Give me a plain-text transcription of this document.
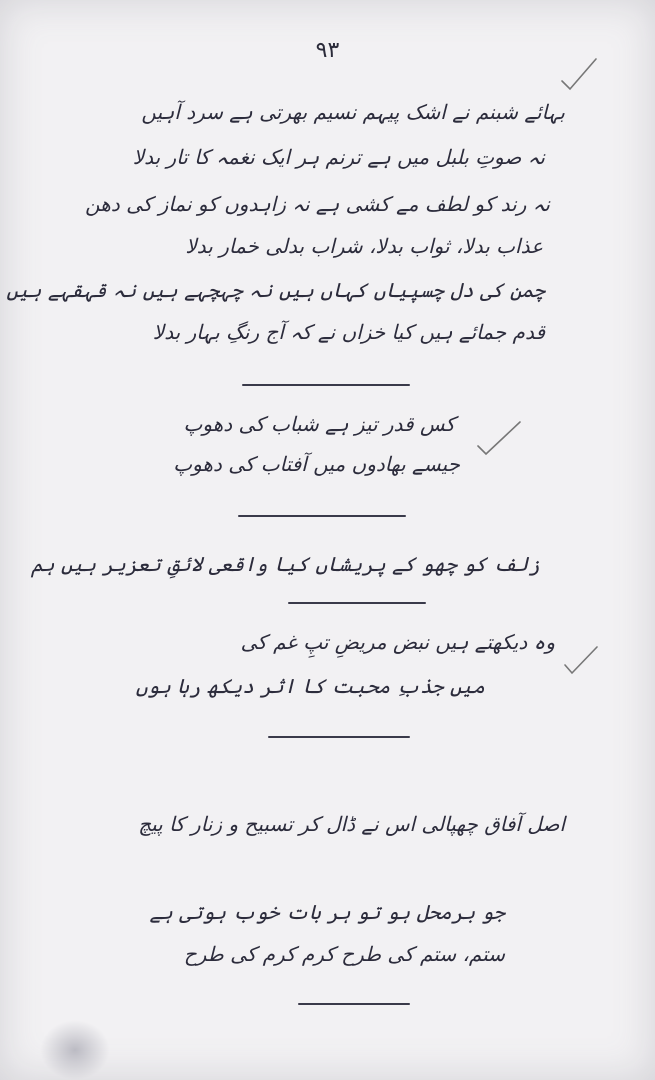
۹۳
بہائے شبنم نے اشک پیہم نسیم بھرتی ہے سرد آہیں
نہ صوتِ بلبل میں ہے ترنم ہر ایک نغمہ کا تار بدلا
نہ رند کو لطف مے کشی ہے نہ زاہدوں کو نماز کی دھن
عذاب بدلا، ثواب بدلا، شراب بدلی خمار بدلا
چمن کی دل چسپیاں کہاں ہیں نہ چہچہے ہیں نہ قہقہے ہیں
قدم جمائے ہیں کیا خزاں نے کہ آج رنگِ بہار بدلا
کس قدر تیز ہے شباب کی دھوپ
جیسے بھادوں میں آفتاب کی دھوپ
زلف کو چھو کے پریشاں کیا واقعی لائقِ تعزیر ہیں ہم
وہ دیکھتے ہیں نبض مریضِ تپِ غم کی
میں جذبِ محبت کا اثر دیکھ رہا ہوں
اصل آفاق چھپالی اس نے ڈال کر تسبیح و زنار کا پیچ
جو برمحل ہو تو ہر بات خوب ہوتی ہے
ستم، ستم کی طرح کرم کرم کی طرح
